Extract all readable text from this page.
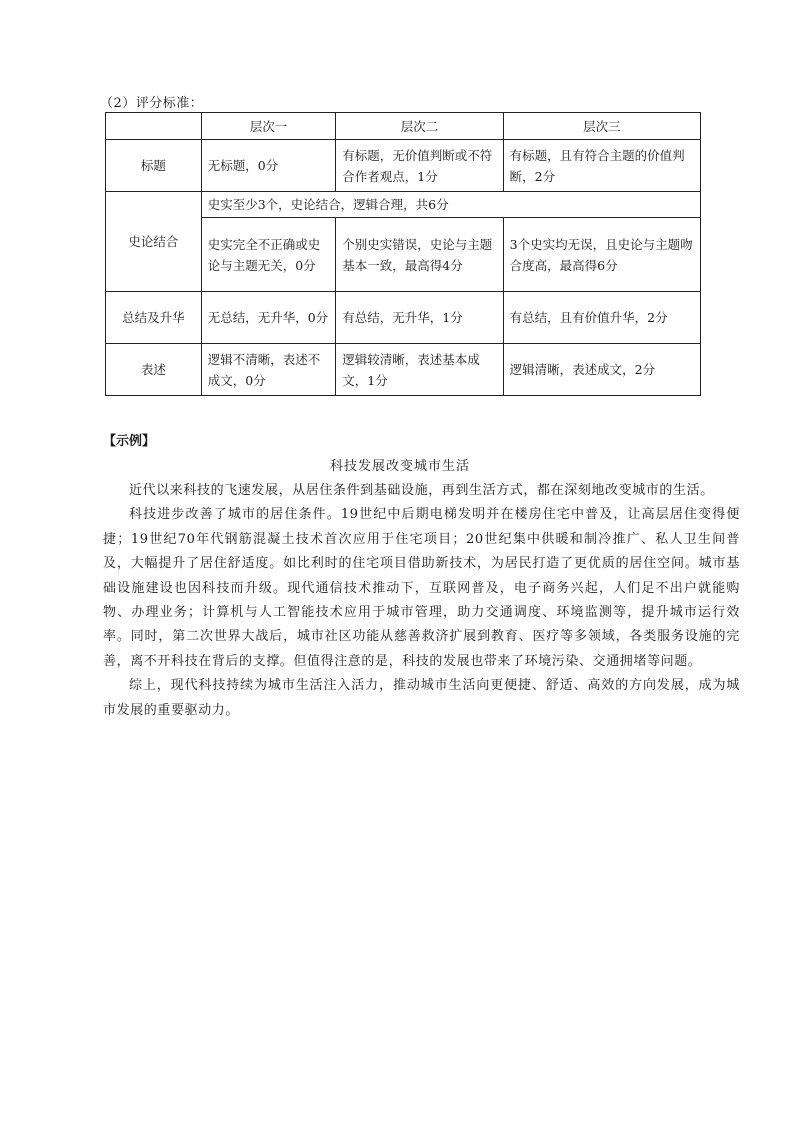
（2）评分标准：
	层次一	层次二	层次三
标题	无标题，0分	有标题，无价值判断或不符合作者观点，1分	有标题，且有符合主题的价值判断，2分
史论结合	史实至少3个，史论结合，逻辑合理，共6分		
	史实完全不正确或史论与主题无关，0分	个别史实错误，史论与主题基本一致，最高得4分	3个史实均无误，且史论与主题吻合度高，最高得6分
总结及升华	无总结，无升华，0分	有总结，无升华，1分	有总结，且有价值升华，2分
表述	逻辑不清晰，表述不成文，0分	逻辑较清晰，表述基本成文，1分	逻辑清晰，表述成文，2分
【示例】
科技发展改变城市生活

近代以来科技的飞速发展，从居住条件到基础设施，再到生活方式，都在深刻地改变城市的生活。

科技进步改善了城市的居住条件。19世纪中后期电梯发明并在楼房住宅中普及，让高层居住变得便捷；19世纪70年代钢筋混凝土技术首次应用于住宅项目；20世纪集中供暖和制冷推广、私人卫生间普及，大幅提升了居住舒适度。如比利时的住宅项目借助新技术，为居民打造了更优质的居住空间。城市基础设施建设也因科技而升级。现代通信技术推动下，互联网普及，电子商务兴起，人们足不出户就能购物、办理业务；计算机与人工智能技术应用于城市管理，助力交通调度、环境监测等，提升城市运行效率。同时，第二次世界大战后，城市社区功能从慈善救济扩展到教育、医疗等多领域，各类服务设施的完善，离不开科技在背后的支撑。但值得注意的是，科技的发展也带来了环境污染、交通拥堵等问题。

综上，现代科技持续为城市生活注入活力，推动城市生活向更便捷、舒适、高效的方向发展，成为城市发展的重要驱动力。
